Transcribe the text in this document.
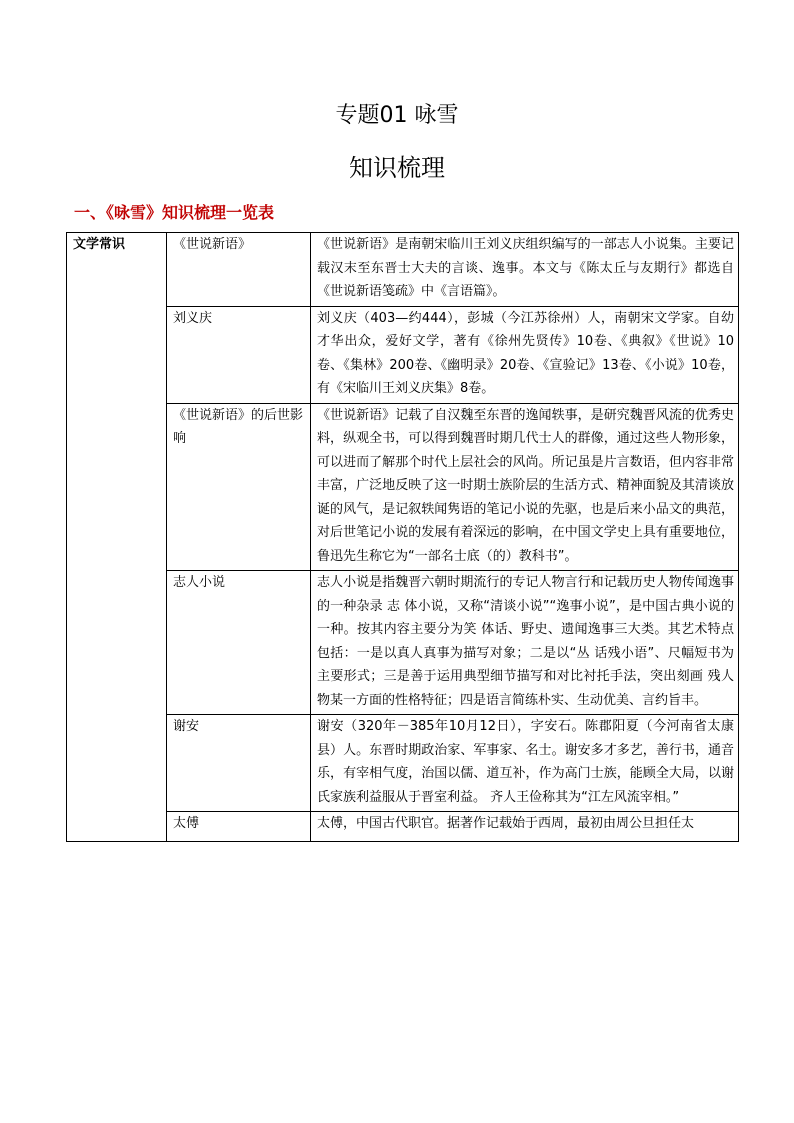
专题01 咏雪
知识梳理
一、《咏雪》知识梳理一览表
文学常识	《世说新语》	《世说新语》是南朝宋临川王刘义庆组织编写的一部志人小说集。主要记载汉末至东晋士大夫的言谈、逸事。本文与《陈太丘与友期行》都选自《世说新语笺疏》中《言语篇》。
	刘义庆	刘义庆（403—约444），彭城（今江苏徐州）人，南朝宋文学家。自幼才华出众，爱好文学，著有《徐州先贤传》10卷、《典叙》《世说》10卷、《集林》200卷、《幽明录》20卷、《宣验记》13卷、《小说》10卷， 有《宋临川王刘义庆集》8卷。
	《世说新语》的后世影响	《世说新语》记载了自汉魏至东晋的逸闻轶事，是研究魏晋风流的优秀史料，纵观全书，可以得到魏晋时期几代士人的群像，通过这些人物形象，可以进而了解那个时代上层社会的风尚。所记虽是片言数语，但内容非常丰富，广泛地反映了这一时期士族阶层的生活方式、精神面貌及其清谈放诞的风气，是记叙轶闻隽语的笔记小说的先驱，也是后来小品文的典范，对后世笔记小说的发展有着深远的影响，在中国文学史上具有重要地位，鲁迅先生称它为“一部名士底（的）教科书”。
	志人小说	志人小说是指魏晋六朝时期流行的专记人物言行和记载历史人物传闻逸事的一种杂录 志 体小说，又称“清谈小说”“逸事小说”，是中国古典小说的一种。按其内容主要分为笑 体话、野史、遗闻逸事三大类。其艺术特点包括：一是以真人真事为描写对象；二是以“丛 话残小语”、尺幅短书为主要形式；三是善于运用典型细节描写和对比衬托手法，突出刻画 残人物某一方面的性格特征；四是语言简练朴实、生动优美、言约旨丰。
	谢安	谢安（320年－385年10月12日），字安石。陈郡阳夏（今河南省太康县）人。东晋时期政治家、军事家、名士。谢安多才多艺，善行书，通音乐，有宰相气度，治国以儒、道互补，作为高门士族，能顾全大局，以谢氏家族利益服从于晋室利益。 齐人王俭称其为“江左风流宰相。”
	太傅	太傅，中国古代职官。据著作记载始于西周，最初由周公旦担任太
